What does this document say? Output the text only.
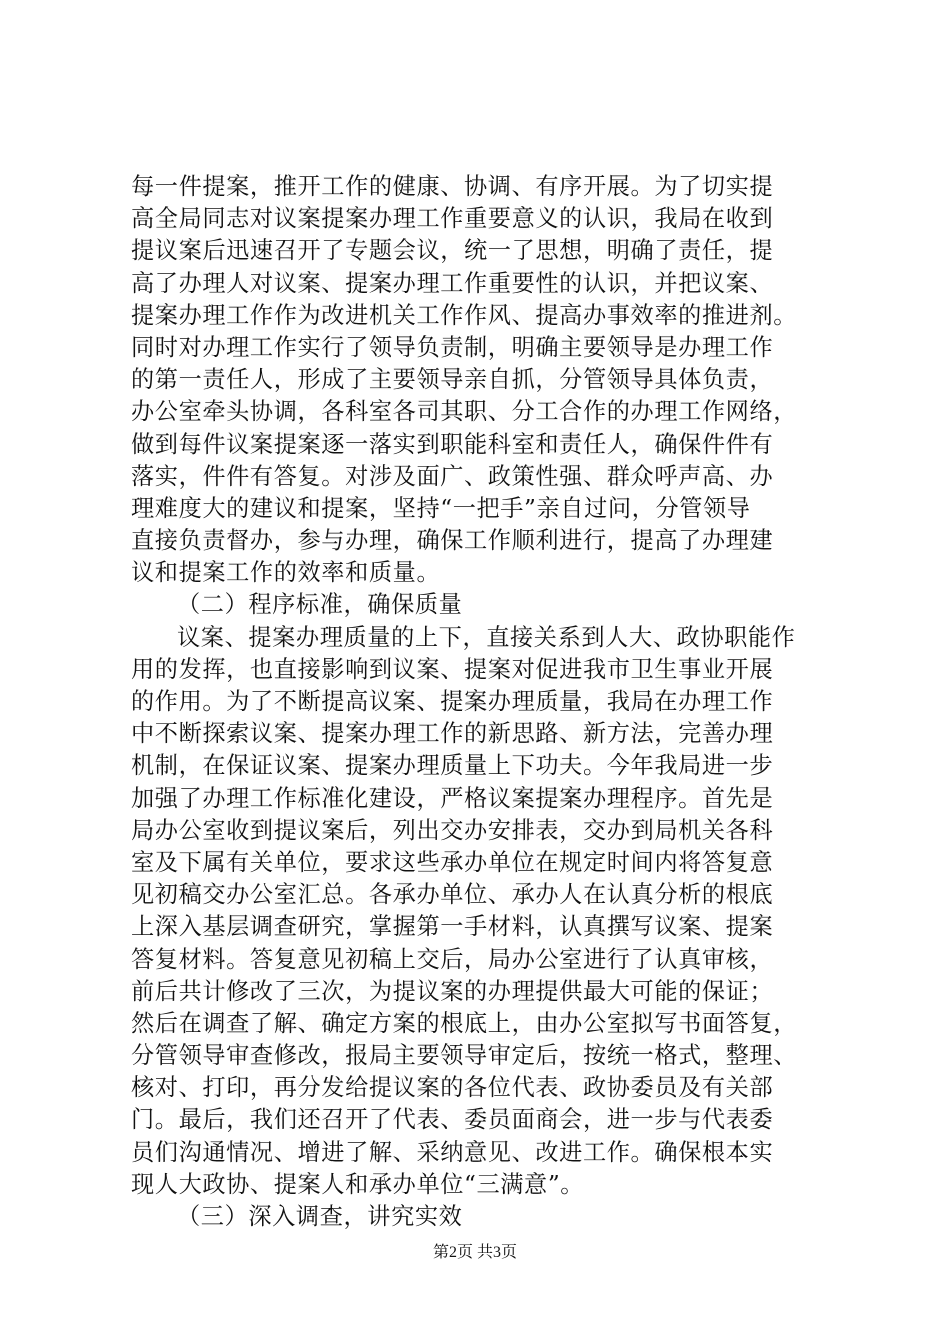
每一件提案，推开工作的健康、协调、有序开展。为了切实提
高全局同志对议案提案办理工作重要意义的认识，我局在收到
提议案后迅速召开了专题会议，统一了思想，明确了责任，提
高了办理人对议案、提案办理工作重要性的认识，并把议案、
提案办理工作作为改进机关工作作风、提高办事效率的推进剂。
同时对办理工作实行了领导负责制，明确主要领导是办理工作
的第一责任人，形成了主要领导亲自抓，分管领导具体负责，
办公室牵头协调，各科室各司其职、分工合作的办理工作网络，
做到每件议案提案逐一落实到职能科室和责任人，确保件件有
落实，件件有答复。对涉及面广、政策性强、群众呼声高、办
理难度大的建议和提案，坚持“一把手”亲自过问，分管领导
直接负责督办，参与办理，确保工作顺利进行，提高了办理建
议和提案工作的效率和质量。
（二）程序标准，确保质量
议案、提案办理质量的上下，直接关系到人大、政协职能作
用的发挥，也直接影响到议案、提案对促进我市卫生事业开展
的作用。为了不断提高议案、提案办理质量，我局在办理工作
中不断探索议案、提案办理工作的新思路、新方法，完善办理
机制，在保证议案、提案办理质量上下功夫。今年我局进一步
加强了办理工作标准化建设，严格议案提案办理程序。首先是
局办公室收到提议案后，列出交办安排表，交办到局机关各科
室及下属有关单位，要求这些承办单位在规定时间内将答复意
见初稿交办公室汇总。各承办单位、承办人在认真分析的根底
上深入基层调查研究，掌握第一手材料，认真撰写议案、提案
答复材料。答复意见初稿上交后，局办公室进行了认真审核，
前后共计修改了三次，为提议案的办理提供最大可能的保证；
然后在调查了解、确定方案的根底上，由办公室拟写书面答复，
分管领导审查修改，报局主要领导审定后，按统一格式，整理、
核对、打印，再分发给提议案的各位代表、政协委员及有关部
门。最后，我们还召开了代表、委员面商会，进一步与代表委
员们沟通情况、增进了解、采纳意见、改进工作。确保根本实
现人大政协、提案人和承办单位“三满意”。
（三）深入调查，讲究实效
第2页 共3页
